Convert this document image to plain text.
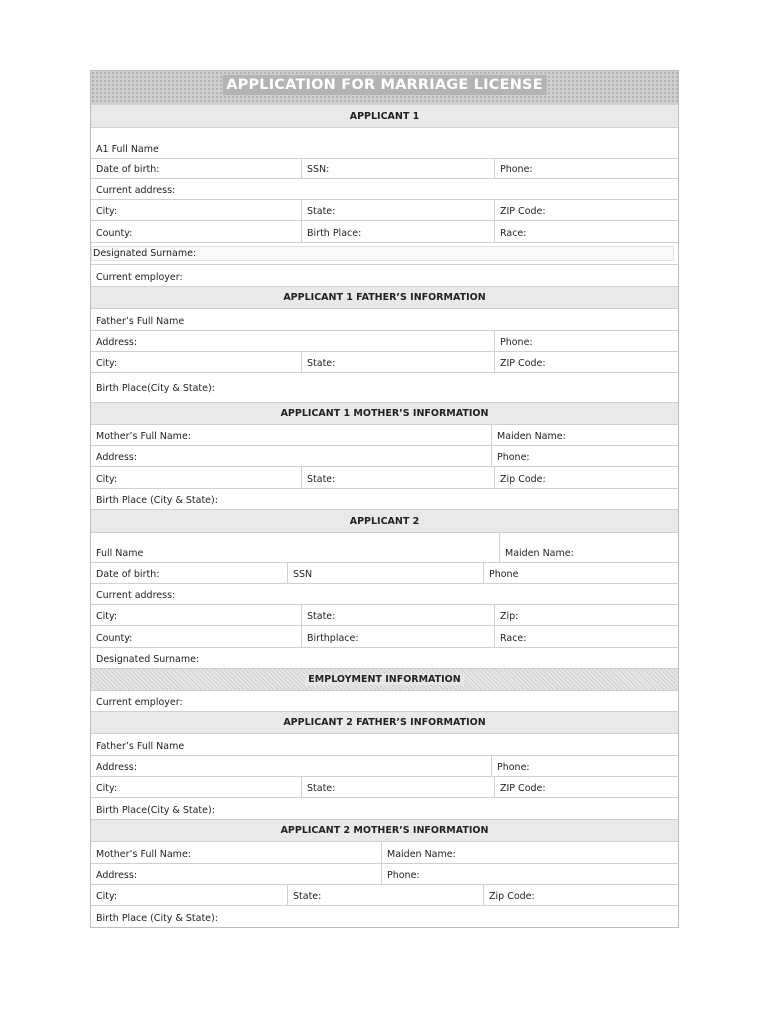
APPLICATION FOR MARRIAGE LICENSE
APPLICANT 1
A1 Full Name
Date of birth:	SSN:	Phone:
Current address:
City:	State:	ZIP Code:
County:	Birth Place:	Race:
Designated Surname:
Current employer:
APPLICANT 1 FATHER’S INFORMATION
Father’s Full Name
Address:	Phone:
City:	State:	ZIP Code:
Birth Place(City & State):
APPLICANT 1 MOTHER’S INFORMATION
Mother’s Full Name:	Maiden Name:
Address:	Phone:
City:	State:	Zip Code:
Birth Place (City & State):
APPLICANT 2
Full Name	Maiden Name:
Date of birth:	SSN	Phone
Current address:
City:	State:	Zip:
County:	Birthplace:	Race:
Designated Surname:
EMPLOYMENT INFORMATION
Current employer:
APPLICANT 2 FATHER’S INFORMATION
Father’s Full Name
Address:	Phone:
City:	State:	ZIP Code:
Birth Place(City & State):
APPLICANT 2 MOTHER’S INFORMATION
Mother’s Full Name:	Maiden Name:
Address:	Phone:
City:	State:	Zip Code:
Birth Place (City & State):
